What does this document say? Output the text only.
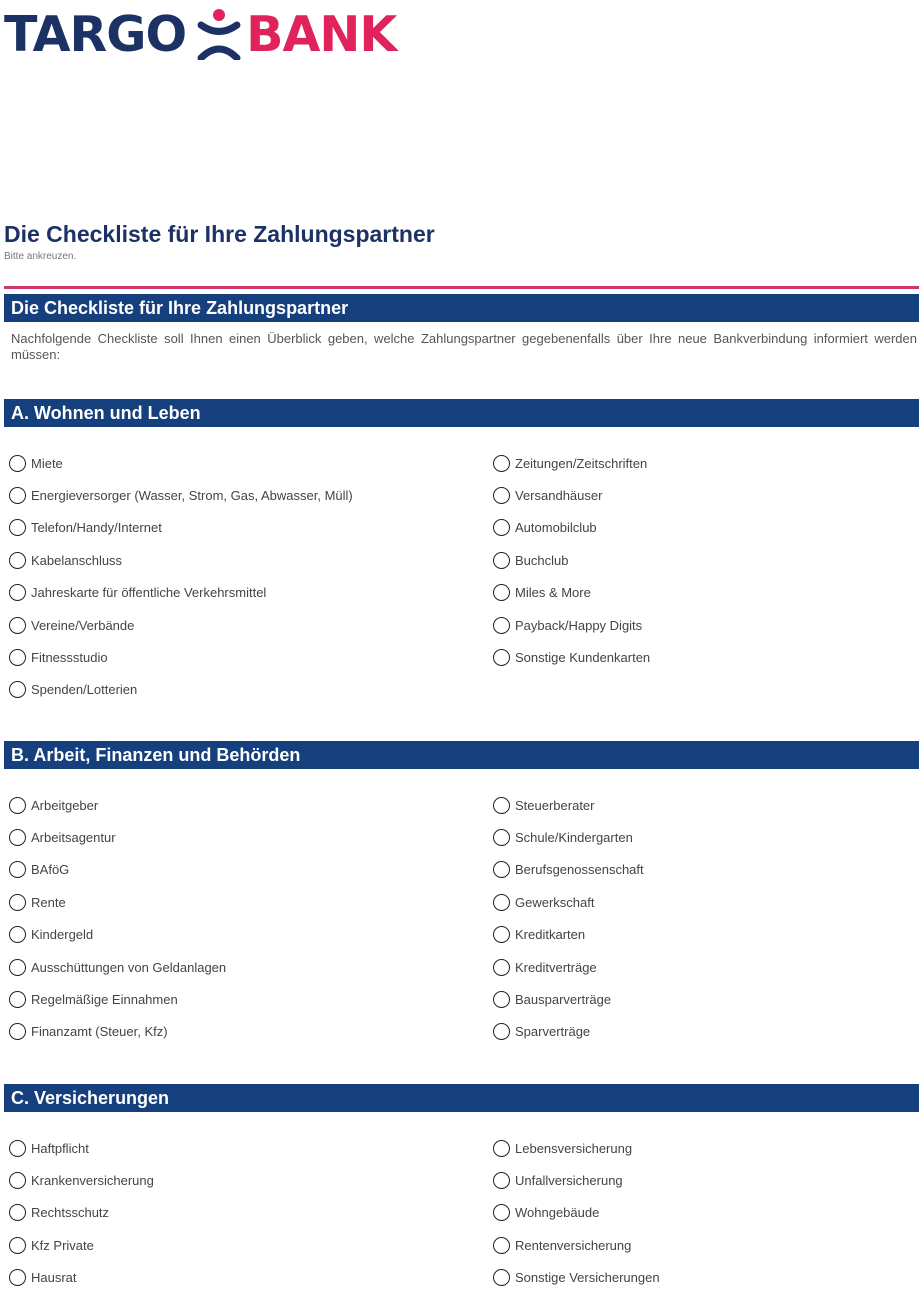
TARGO BANK
Die Checkliste für Ihre Zahlungspartner
Bitte ankreuzen.
Die Checkliste für Ihre Zahlungspartner

Nachfolgende Checkliste soll Ihnen einen Überblick geben, welche Zahlungspartner gegebenenfalls über Ihre neue Bankverbindung informiert werden müssen:

A. Wohnen und Leben
Miete
Energieversorger (Wasser, Strom, Gas, Abwasser, Müll)
Telefon/Handy/Internet
Kabelanschluss
Jahreskarte für öffentliche Verkehrsmittel
Vereine/Verbände
Fitnessstudio
Spenden/Lotterien
Zeitungen/Zeitschriften
Versandhäuser
Automobilclub
Buchclub
Miles & More
Payback/Happy Digits
Sonstige Kundenkarten
B. Arbeit, Finanzen und Behörden
Arbeitgeber
Arbeitsagentur
BAföG
Rente
Kindergeld
Ausschüttungen von Geldanlagen
Regelmäßige Einnahmen
Finanzamt (Steuer, Kfz)
Steuerberater
Schule/Kindergarten
Berufsgenossenschaft
Gewerkschaft
Kreditkarten
Kreditverträge
Bausparverträge
Sparverträge
C. Versicherungen
Haftpflicht
Krankenversicherung
Rechtsschutz
Kfz Private
Hausrat
Lebensversicherung
Unfallversicherung
Wohngebäude
Rentenversicherung
Sonstige Versicherungen
